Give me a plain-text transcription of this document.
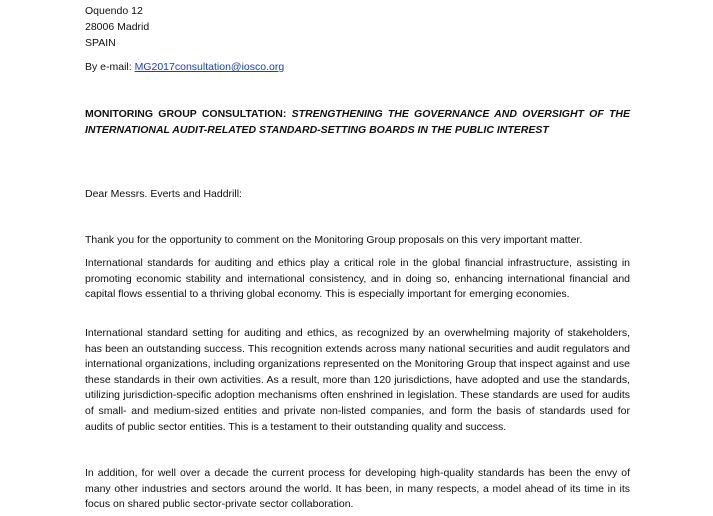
Oquendo 12
28006 Madrid
SPAIN
By e-mail: MG2017consultation@iosco.org
MONITORING GROUP CONSULTATION: STRENGTHENING THE GOVERNANCE AND OVERSIGHT OF THE INTERNATIONAL AUDIT-RELATED STANDARD-SETTING BOARDS IN THE PUBLIC INTEREST
Dear Messrs. Everts and Haddrill:

Thank you for the opportunity to comment on the Monitoring Group proposals on this very important matter.

International standards for auditing and ethics play a critical role in the global financial infrastructure, assisting in promoting economic stability and international consistency, and in doing so, enhancing international financial and capital flows essential to a thriving global economy. This is especially important for emerging economies.

International standard setting for auditing and ethics, as recognized by an overwhelming majority of stakeholders, has been an outstanding success. This recognition extends across many national securities and audit regulators and international organizations, including organizations represented on the Monitoring Group that inspect against and use these standards in their own activities. As a result, more than 120 jurisdictions, have adopted and use the standards, utilizing jurisdiction-specific adoption mechanisms often enshrined in legislation. These standards are used for audits of small- and medium-sized entities and private non-listed companies, and form the basis of standards used for audits of public sector entities. This is a testament to their outstanding quality and success.

In addition, for well over a decade the current process for developing high-quality standards has been the envy of many other industries and sectors around the world. It has been, in many respects, a model ahead of its time in its focus on shared public sector-private sector collaboration.
